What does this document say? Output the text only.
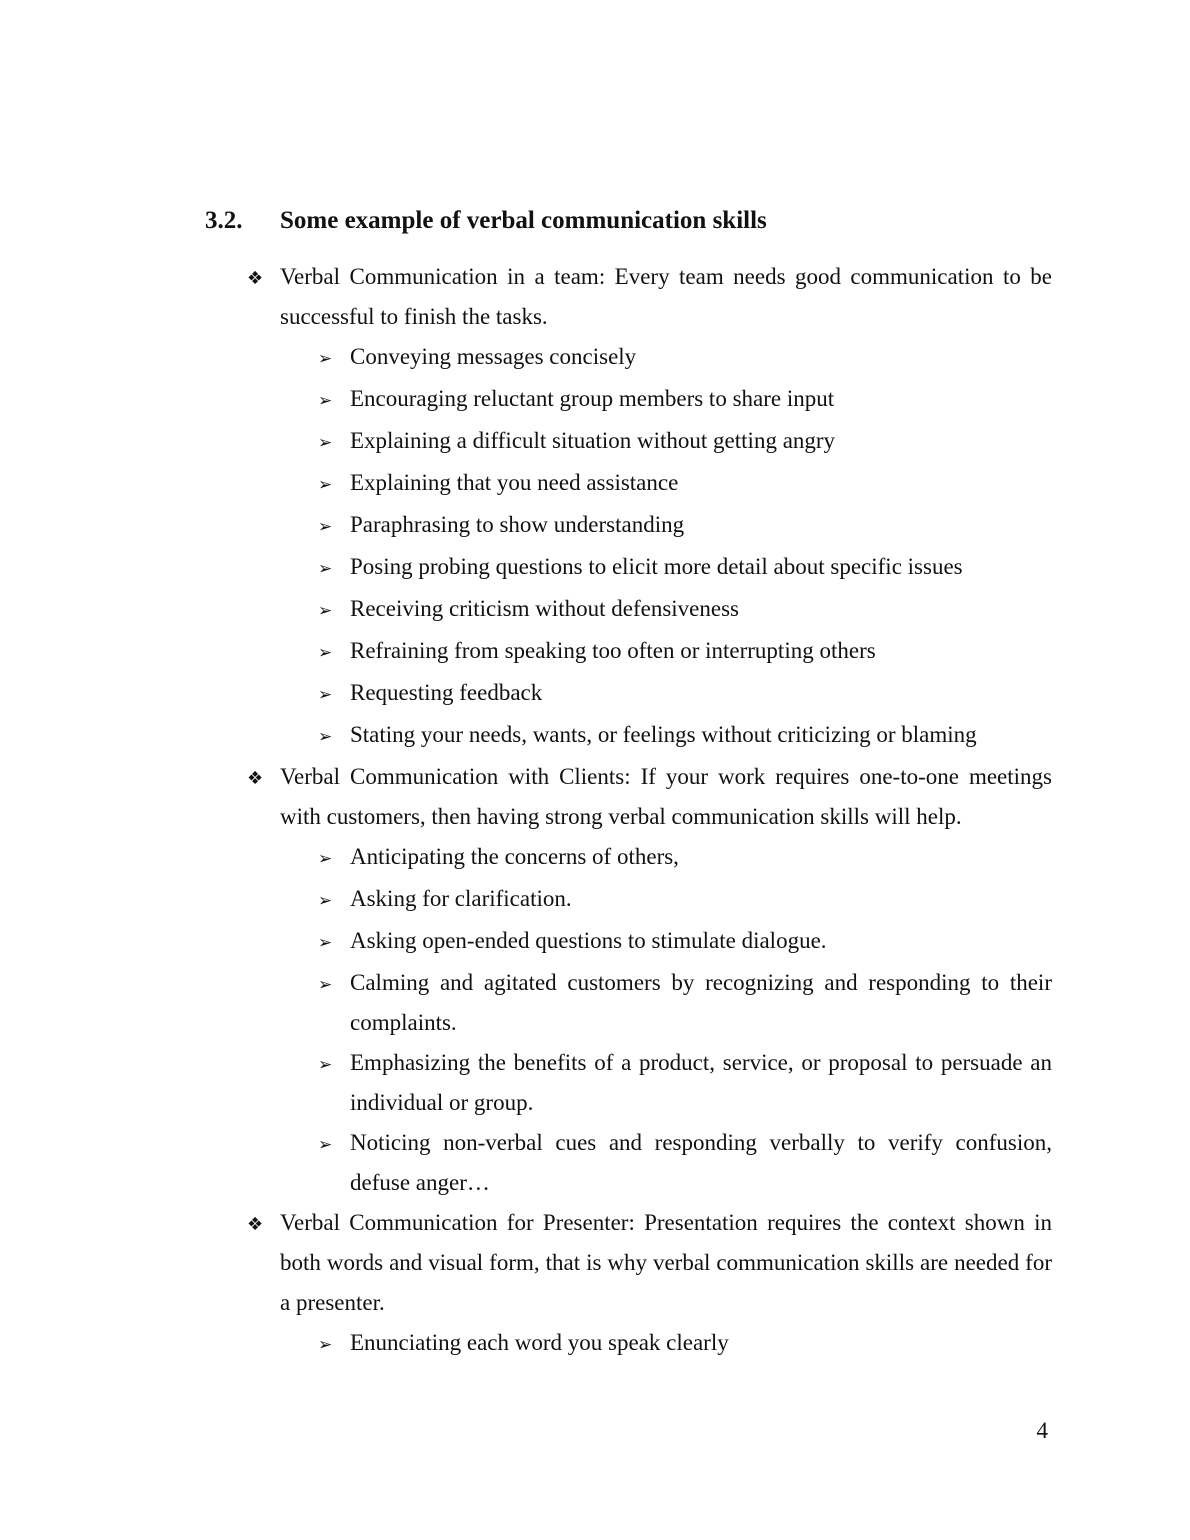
3.2.	Some example of verbal communication skills
❖ Verbal Communication in a team: Every team needs good communication to be successful to finish the tasks.
➢ Conveying messages concisely
➢ Encouraging reluctant group members to share input
➢ Explaining a difficult situation without getting angry
➢ Explaining that you need assistance
➢ Paraphrasing to show understanding
➢ Posing probing questions to elicit more detail about specific issues
➢ Receiving criticism without defensiveness
➢ Refraining from speaking too often or interrupting others
➢ Requesting feedback
➢ Stating your needs, wants, or feelings without criticizing or blaming
❖ Verbal Communication with Clients: If your work requires one-to-one meetings with customers, then having strong verbal communication skills will help.
➢ Anticipating the concerns of others,
➢ Asking for clarification.
➢ Asking open-ended questions to stimulate dialogue.
➢ Calming and agitated customers by recognizing and responding to their complaints.
➢ Emphasizing the benefits of a product, service, or proposal to persuade an individual or group.
➢ Noticing non-verbal cues and responding verbally to verify confusion, defuse anger…
❖ Verbal Communication for Presenter: Presentation requires the context shown in both words and visual form, that is why verbal communication skills are needed for a presenter.
➢ Enunciating each word you speak clearly
4
